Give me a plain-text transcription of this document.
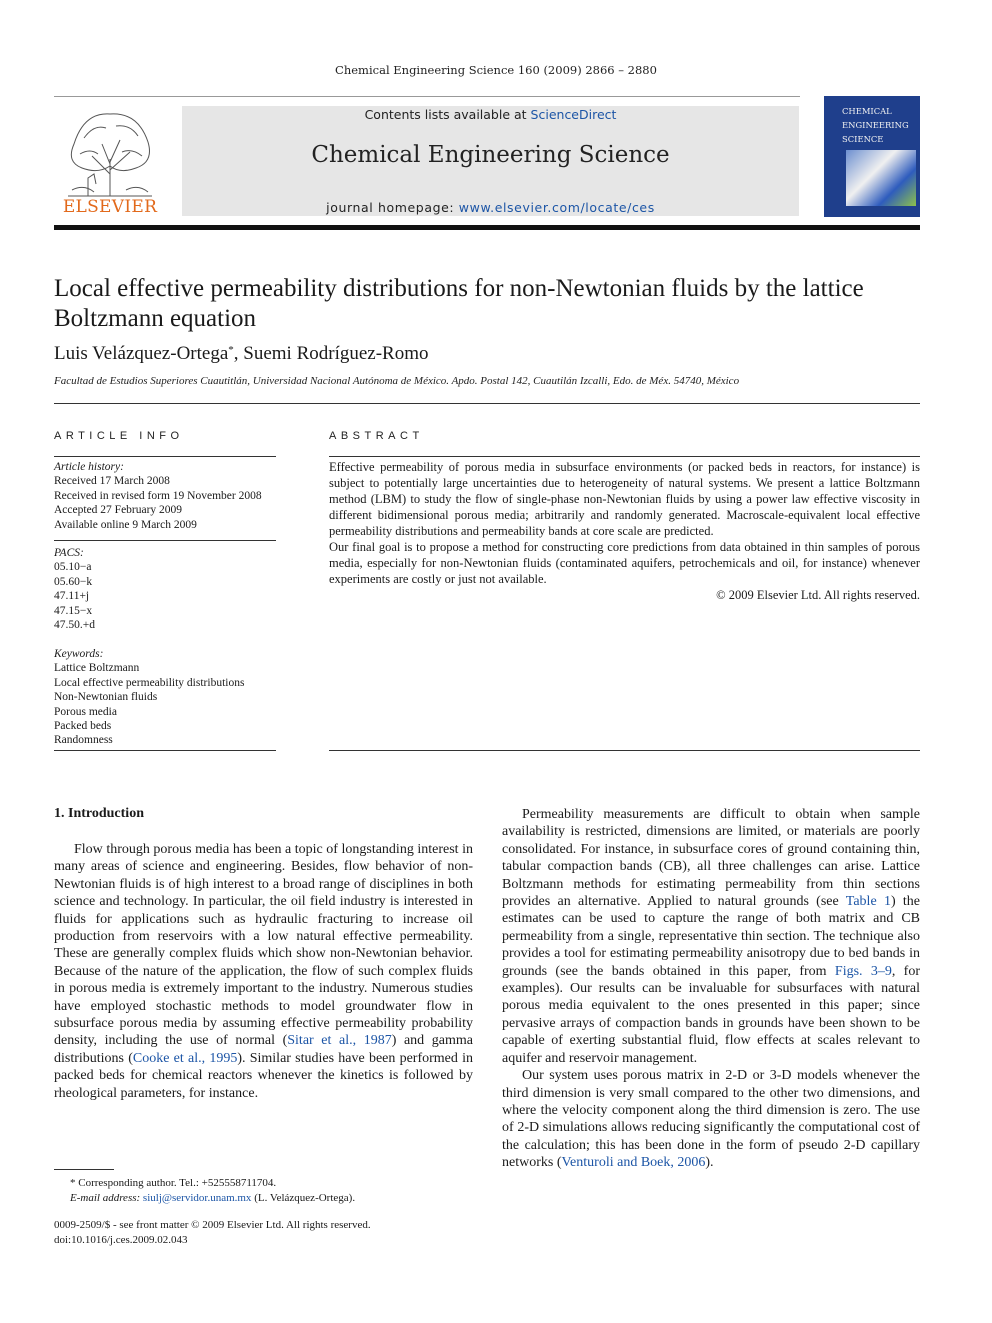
Chemical Engineering Science 160 (2009) 2866 – 2880
ELSEVIER
Contents lists available at ScienceDirect
Chemical Engineering Science
journal homepage: www.elsevier.com/locate/ces
CHEMICAL
ENGINEERING
SCIENCE
Local effective permeability distributions for non-Newtonian fluids by the lattice Boltzmann equation
Luis Velázquez-Ortega*, Suemi Rodríguez-Romo
Facultad de Estudios Superiores Cuautitlán, Universidad Nacional Autónoma de México. Apdo. Postal 142, Cuautilán Izcalli, Edo. de Méx. 54740, México
ARTICLE INFO
Article history:
Received 17 March 2008
Received in revised form 19 November 2008
Accepted 27 February 2009
Available online 9 March 2009
PACS:
05.10−a
05.60−k
47.11+j
47.15−x
47.50.+d
Keywords:
Lattice Boltzmann
Local effective permeability distributions
Non-Newtonian fluids
Porous media
Packed beds
Randomness
ABSTRACT

Effective permeability of porous media in subsurface environments (or packed beds in reactors, for instance) is subject to potentially large uncertainties due to heterogeneity of natural systems. We present a lattice Boltzmann method (LBM) to study the flow of single-phase non-Newtonian fluids by using a power law effective viscosity in different bidimensional porous media; arbitrarily and randomly generated. Macroscale-equivalent local effective permeability distributions and permeability bands at core scale are predicted.

Our final goal is to propose a method for constructing core predictions from data obtained in thin samples of porous media, especially for non-Newtonian fluids (contaminated aquifers, petrochemicals and oil, for instance) whenever experiments are costly or just not available.

© 2009 Elsevier Ltd. All rights reserved.

1. Introduction

Flow through porous media has been a topic of longstanding interest in many areas of science and engineering. Besides, flow behavior of non-Newtonian fluids is of high interest to a broad range of disciplines in both science and technology. In particular, the oil field industry is interested in fluids for applications such as hydraulic fracturing to increase oil production from reservoirs with a low natural effective permeability. These are generally complex fluids which show non-Newtonian behavior. Because of the nature of the application, the flow of such complex fluids in porous media is extremely important to the industry. Numerous studies have employed stochastic methods to model groundwater flow in subsurface porous media by assuming effective permeability probability density, including the use of normal (Sitar et al., 1987) and gamma distributions (Cooke et al., 1995). Similar studies have been performed in packed beds for chemical reactors whenever the kinetics is followed by rheological parameters, for instance.

Permeability measurements are difficult to obtain when sample availability is restricted, dimensions are limited, or materials are poorly consolidated. For instance, in subsurface cores of ground containing thin, tabular compaction bands (CB), all three challenges can arise. Lattice Boltzmann methods for estimating permeability from thin sections provides an alternative. Applied to natural grounds (see Table 1) the estimates can be used to capture the range of both matrix and CB permeability from a single, representative thin section. The technique also provides a tool for estimating permeability anisotropy due to bed bands in grounds (see the bands obtained in this paper, from Figs. 3–9, for examples). Our results can be invaluable for subsurfaces with natural porous media equivalent to the ones presented in this paper; since pervasive arrays of compaction bands in grounds have been shown to be capable of exerting substantial fluid, flow effects at scales relevant to aquifer and reservoir management.

Our system uses porous matrix in 2-D or 3-D models whenever the third dimension is very small compared to the other two dimensions, and where the velocity component along the third dimension is zero. The use of 2-D simulations allows reducing significantly the computational cost of the calculation; this has been done in the form of pseudo 2-D capillary networks (Venturoli and Boek, 2006).

* Corresponding author. Tel.: +525558711704.
E-mail address: siulj@servidor.unam.mx (L. Velázquez-Ortega).
0009-2509/$ - see front matter © 2009 Elsevier Ltd. All rights reserved.
doi:10.1016/j.ces.2009.02.043
